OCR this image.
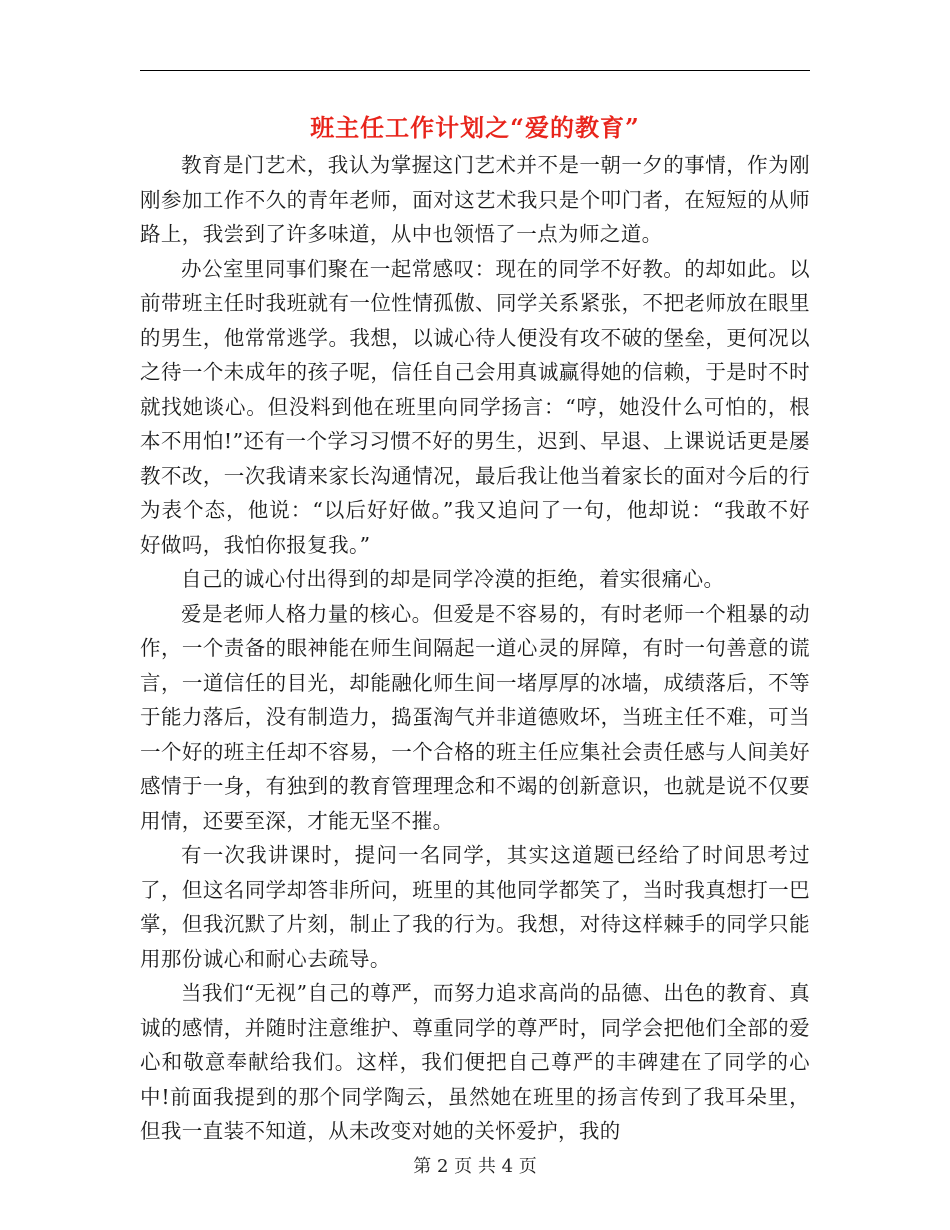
班主任工作计划之“爱的教育”

教育是门艺术，我认为掌握这门艺术并不是一朝一夕的事情，作为刚刚参加工作不久的青年老师，面对这艺术我只是个叩门者，在短短的从师路上，我尝到了许多味道，从中也领悟了一点为师之道。

办公室里同事们聚在一起常感叹：现在的同学不好教。的却如此。以前带班主任时我班就有一位性情孤傲、同学关系紧张，不把老师放在眼里的男生，他常常逃学。我想，以诚心待人便没有攻不破的堡垒，更何况以之待一个未成年的孩子呢，信任自己会用真诚赢得她的信赖，于是时不时就找她谈心。但没料到他在班里向同学扬言：“哼，她没什么可怕的，根本不用怕!”还有一个学习习惯不好的男生，迟到、早退、上课说话更是屡教不改，一次我请来家长沟通情况，最后我让他当着家长的面对今后的行为表个态，他说：“以后好好做。”我又追问了一句，他却说：“我敢不好好做吗，我怕你报复我。”

自己的诚心付出得到的却是同学冷漠的拒绝，着实很痛心。

爱是老师人格力量的核心。但爱是不容易的，有时老师一个粗暴的动作，一个责备的眼神能在师生间隔起一道心灵的屏障，有时一句善意的谎言，一道信任的目光，却能融化师生间一堵厚厚的冰墙，成绩落后，不等于能力落后，没有制造力，捣蛋淘气并非道德败坏，当班主任不难，可当一个好的班主任却不容易，一个合格的班主任应集社会责任感与人间美好感情于一身，有独到的教育管理理念和不竭的创新意识，也就是说不仅要用情，还要至深，才能无坚不摧。

有一次我讲课时，提问一名同学，其实这道题已经给了时间思考过了，但这名同学却答非所问，班里的其他同学都笑了，当时我真想打一巴掌，但我沉默了片刻，制止了我的行为。我想，对待这样棘手的同学只能用那份诚心和耐心去疏导。

当我们“无视”自己的尊严，而努力追求高尚的品德、出色的教育、真诚的感情，并随时注意维护、尊重同学的尊严时，同学会把他们全部的爱心和敬意奉献给我们。这样，我们便把自己尊严的丰碑建在了同学的心中!前面我提到的那个同学陶云，虽然她在班里的扬言传到了我耳朵里，但我一直装不知道，从未改变对她的关怀爱护，我的

第 2 页 共 4 页
